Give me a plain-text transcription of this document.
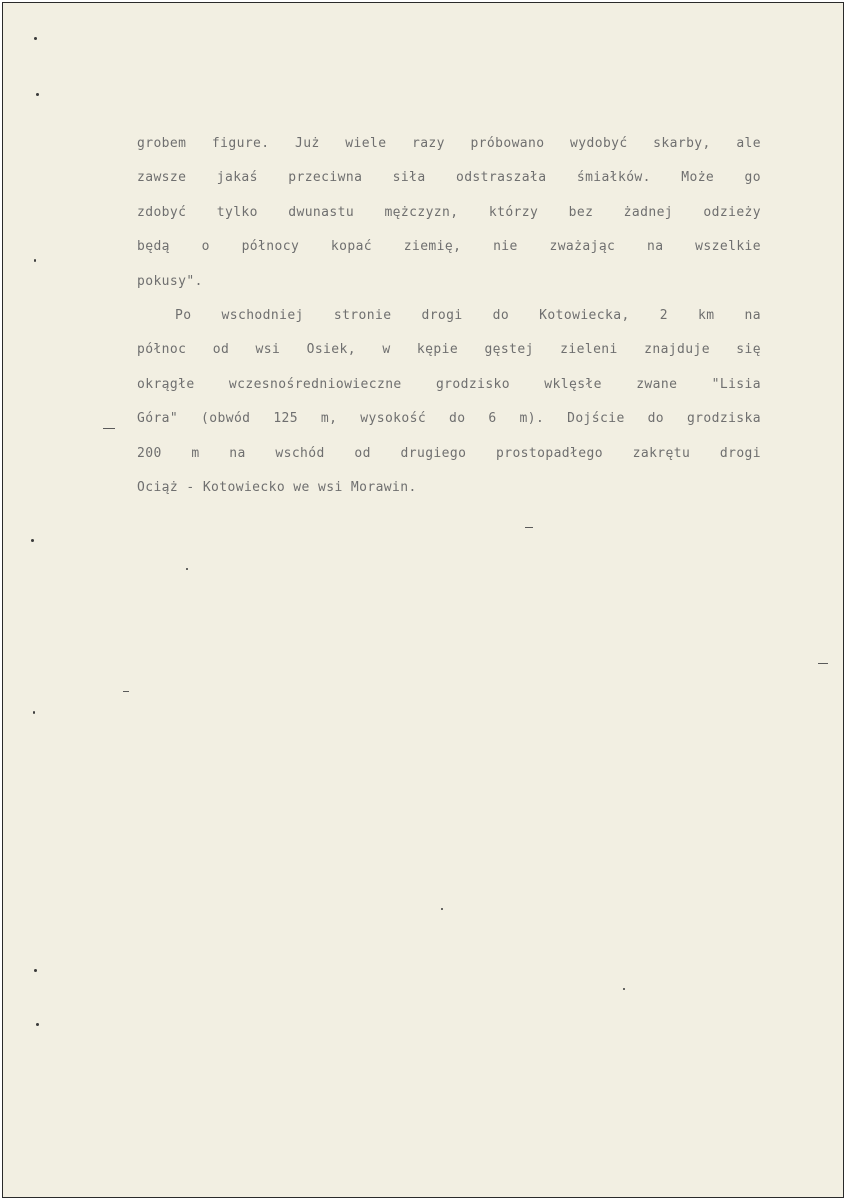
grobem figure. Już wiele razy próbowano wydobyć skarby, ale
zawsze jakaś przeciwna siła odstraszała śmiałków. Może go
zdobyć tylko dwunastu mężczyzn, którzy bez żadnej odzieży
będą o północy kopać ziemię, nie zważając na wszelkie
pokusy".
Po wschodniej stronie drogi do Kotowiecka, 2 km na
północ od wsi Osiek, w kępie gęstej zieleni znajduje się
okrągłe wczesnośredniowieczne grodzisko wklęsłe zwane "Lisia
Góra" (obwód 125 m, wysokość do 6 m). Dojście do grodziska
200 m na wschód od drugiego prostopadłego zakrętu drogi
Ociąż - Kotowiecko we wsi Morawin.
